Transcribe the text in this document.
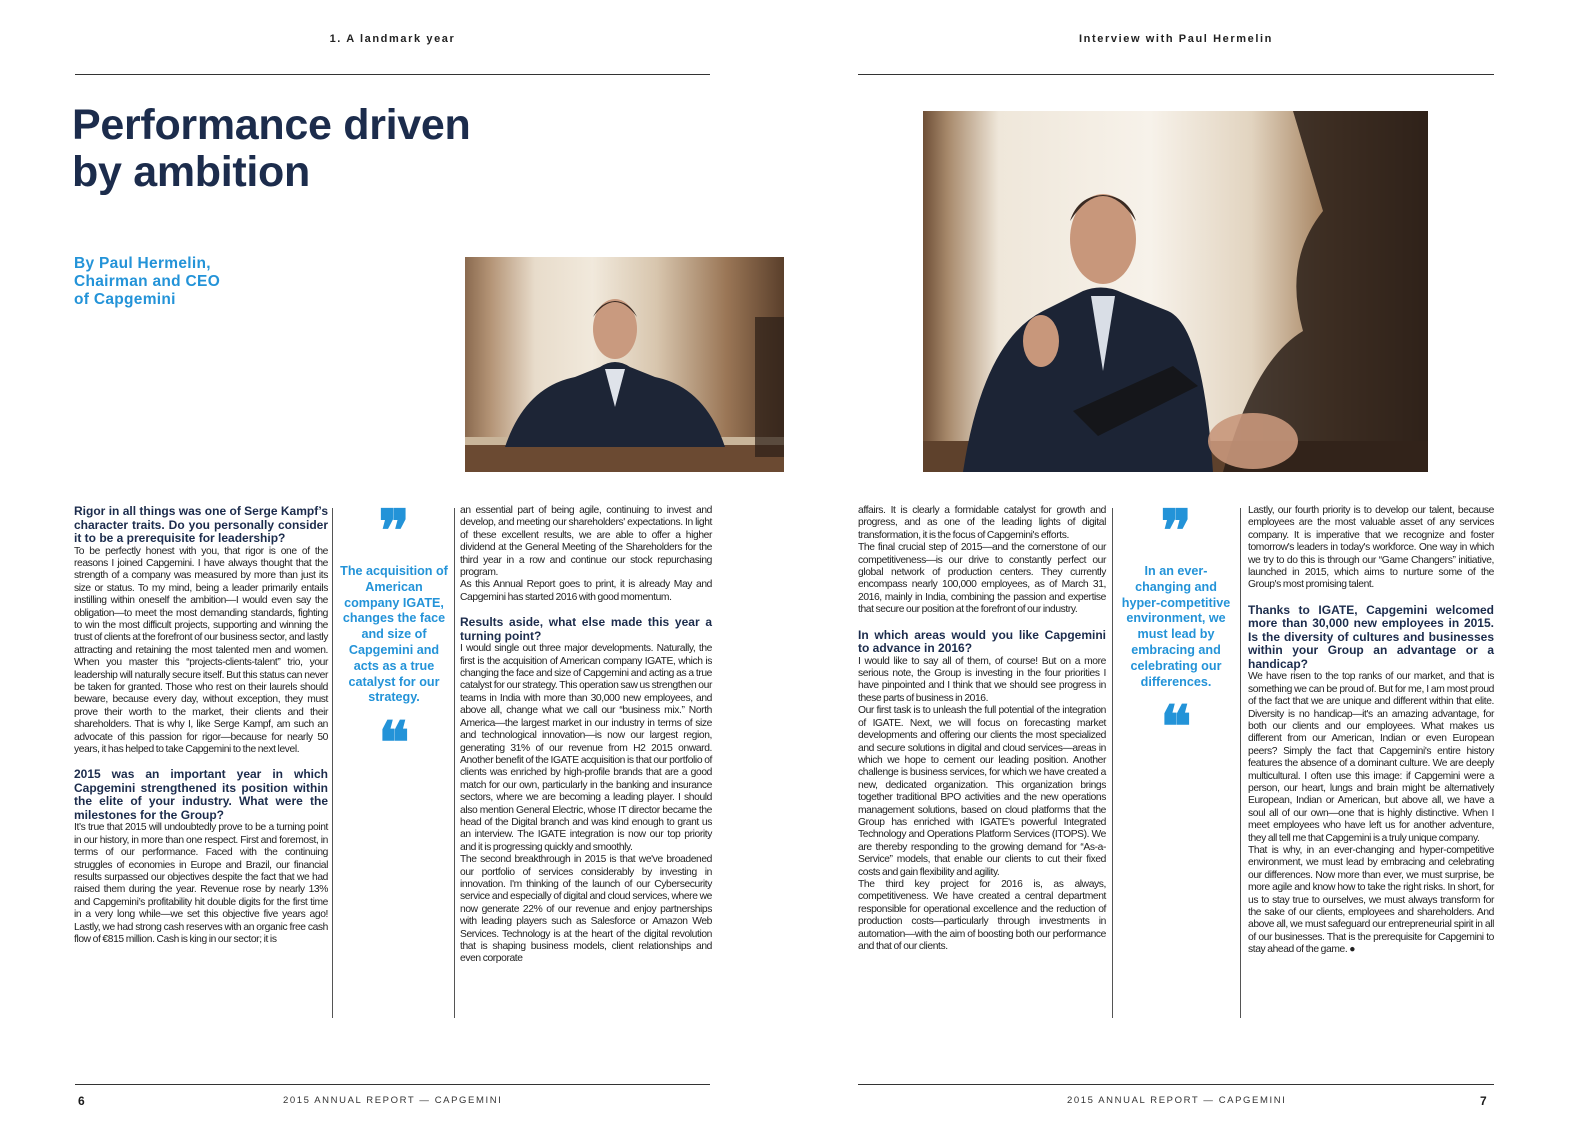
1. A landmark year
Performance driven
by ambition
By Paul Hermelin,
Chairman and CEO
of Capgemini
Rigor in all things was one of Serge Kampf’s character traits. Do you personally consider it to be a prerequisite for leadership?

To be perfectly honest with you, that rigor is one of the reasons I joined Capgemini. I have always thought that the strength of a company was measured by more than just its size or status. To my mind, being a leader primarily entails instilling within oneself the ambition—I would even say the obligation—to meet the most demanding standards, fighting to win the most difficult projects, supporting and winning the trust of clients at the forefront of our business sector, and lastly attracting and retaining the most talented men and women. When you master this “projects-clients-talent” trio, your leadership will naturally secure itself. But this status can never be taken for granted. Those who rest on their laurels should beware, because every day, without exception, they must prove their worth to the market, their clients and their shareholders. That is why I, like Serge Kampf, am such an advocate of this passion for rigor—because for nearly 50 years, it has helped to take Capgemini to the next level.

2015 was an important year in which Capgemini strengthened its position within the elite of your industry. What were the milestones for the Group?

It’s true that 2015 will undoubtedly prove to be a turning point in our history, in more than one respect. First and foremost, in terms of our performance. Faced with the continuing struggles of economies in Europe and Brazil, our financial results surpassed our objectives despite the fact that we had raised them during the year. Revenue rose by nearly 13% and Capgemini’s profitability hit double digits for the first time in a very long while—we set this objective five years ago! Lastly, we had strong cash reserves with an organic free cash flow of €815 million. Cash is king in our sector; it is

❞
The acquisition of American company IGATE, changes the face and size of Capgemini and acts as a true catalyst for our strategy.
❝

an essential part of being agile, continuing to invest and develop, and meeting our shareholders' expectations. In light of these excellent results, we are able to offer a higher dividend at the General Meeting of the Shareholders for the third year in a row and continue our stock repurchasing program.

As this Annual Report goes to print, it is already May and Capgemini has started 2016 with good momentum.

Results aside, what else made this year a turning point?

I would single out three major developments. Naturally, the first is the acquisition of American company IGATE, which is changing the face and size of Capgemini and acting as a true catalyst for our strategy. This operation saw us strengthen our teams in India with more than 30,000 new employees, and above all, change what we call our “business mix.” North America—the largest market in our industry in terms of size and technological innovation—is now our largest region, generating 31% of our revenue from H2 2015 onward. Another benefit of the IGATE acquisition is that our portfolio of clients was enriched by high-profile brands that are a good match for our own, particularly in the banking and insurance sectors, where we are becoming a leading player. I should also mention General Electric, whose IT director became the head of the Digital branch and was kind enough to grant us an interview. The IGATE integration is now our top priority and it is progressing quickly and smoothly.

The second breakthrough in 2015 is that we've broadened our portfolio of services considerably by investing in innovation. I'm thinking of the launch of our Cybersecurity service and especially of digital and cloud services, where we now generate 22% of our revenue and enjoy partnerships with leading players such as Salesforce or Amazon Web Services. Technology is at the heart of the digital revolution that is shaping business models, client relationships and even corporate

6	2015 ANNUAL REPORT — CAPGEMINI
Interview with Paul Hermelin

affairs. It is clearly a formidable catalyst for growth and progress, and as one of the leading lights of digital transformation, it is the focus of Capgemini's efforts.

The final crucial step of 2015—and the cornerstone of our competitiveness—is our drive to constantly perfect our global network of production centers. They currently encompass nearly 100,000 employees, as of March 31, 2016, mainly in India, combining the passion and expertise that secure our position at the forefront of our industry.

In which areas would you like Capgemini to advance in 2016?

I would like to say all of them, of course! But on a more serious note, the Group is investing in the four priorities I have pinpointed and I think that we should see progress in these parts of business in 2016.

Our first task is to unleash the full potential of the integration of IGATE. Next, we will focus on forecasting market developments and offering our clients the most specialized and secure solutions in digital and cloud services—areas in which we hope to cement our leading position. Another challenge is business services, for which we have created a new, dedicated organization. This organization brings together traditional BPO activities and the new operations management solutions, based on cloud platforms that the Group has enriched with IGATE's powerful Integrated Technology and Operations Platform Services (ITOPS). We are thereby responding to the growing demand for “As-a-Service” models, that enable our clients to cut their fixed costs and gain flexibility and agility.

The third key project for 2016 is, as always, competitiveness. We have created a central department responsible for operational excellence and the reduction of production costs—particularly through investments in automation—with the aim of boosting both our performance and that of our clients.

❞
In an ever-changing and hyper-competitive environment, we must lead by embracing and celebrating our differences.
❝

Lastly, our fourth priority is to develop our talent, because employees are the most valuable asset of any services company. It is imperative that we recognize and foster tomorrow's leaders in today's workforce. One way in which we try to do this is through our “Game Changers” initiative, launched in 2015, which aims to nurture some of the Group's most promising talent.

Thanks to IGATE, Capgemini welcomed more than 30,000 new employees in 2015. Is the diversity of cultures and businesses within your Group an advantage or a handicap?

We have risen to the top ranks of our market, and that is something we can be proud of. But for me, I am most proud of the fact that we are unique and different within that elite. Diversity is no handicap—it's an amazing advantage, for both our clients and our employees. What makes us different from our American, Indian or even European peers? Simply the fact that Capgemini's entire history features the absence of a dominant culture. We are deeply multicultural. I often use this image: if Capgemini were a person, our heart, lungs and brain might be alternatively European, Indian or American, but above all, we have a soul all of our own—one that is highly distinctive. When I meet employees who have left us for another adventure, they all tell me that Capgemini is a truly unique company.

That is why, in an ever-changing and hyper-competitive environment, we must lead by embracing and celebrating our differences. Now more than ever, we must surprise, be more agile and know how to take the right risks. In short, for us to stay true to ourselves, we must always transform for the sake of our clients, employees and shareholders. And above all, we must safeguard our entrepreneurial spirit in all of our businesses. That is the prerequisite for Capgemini to stay ahead of the game. ●

2015 ANNUAL REPORT — CAPGEMINI	7
